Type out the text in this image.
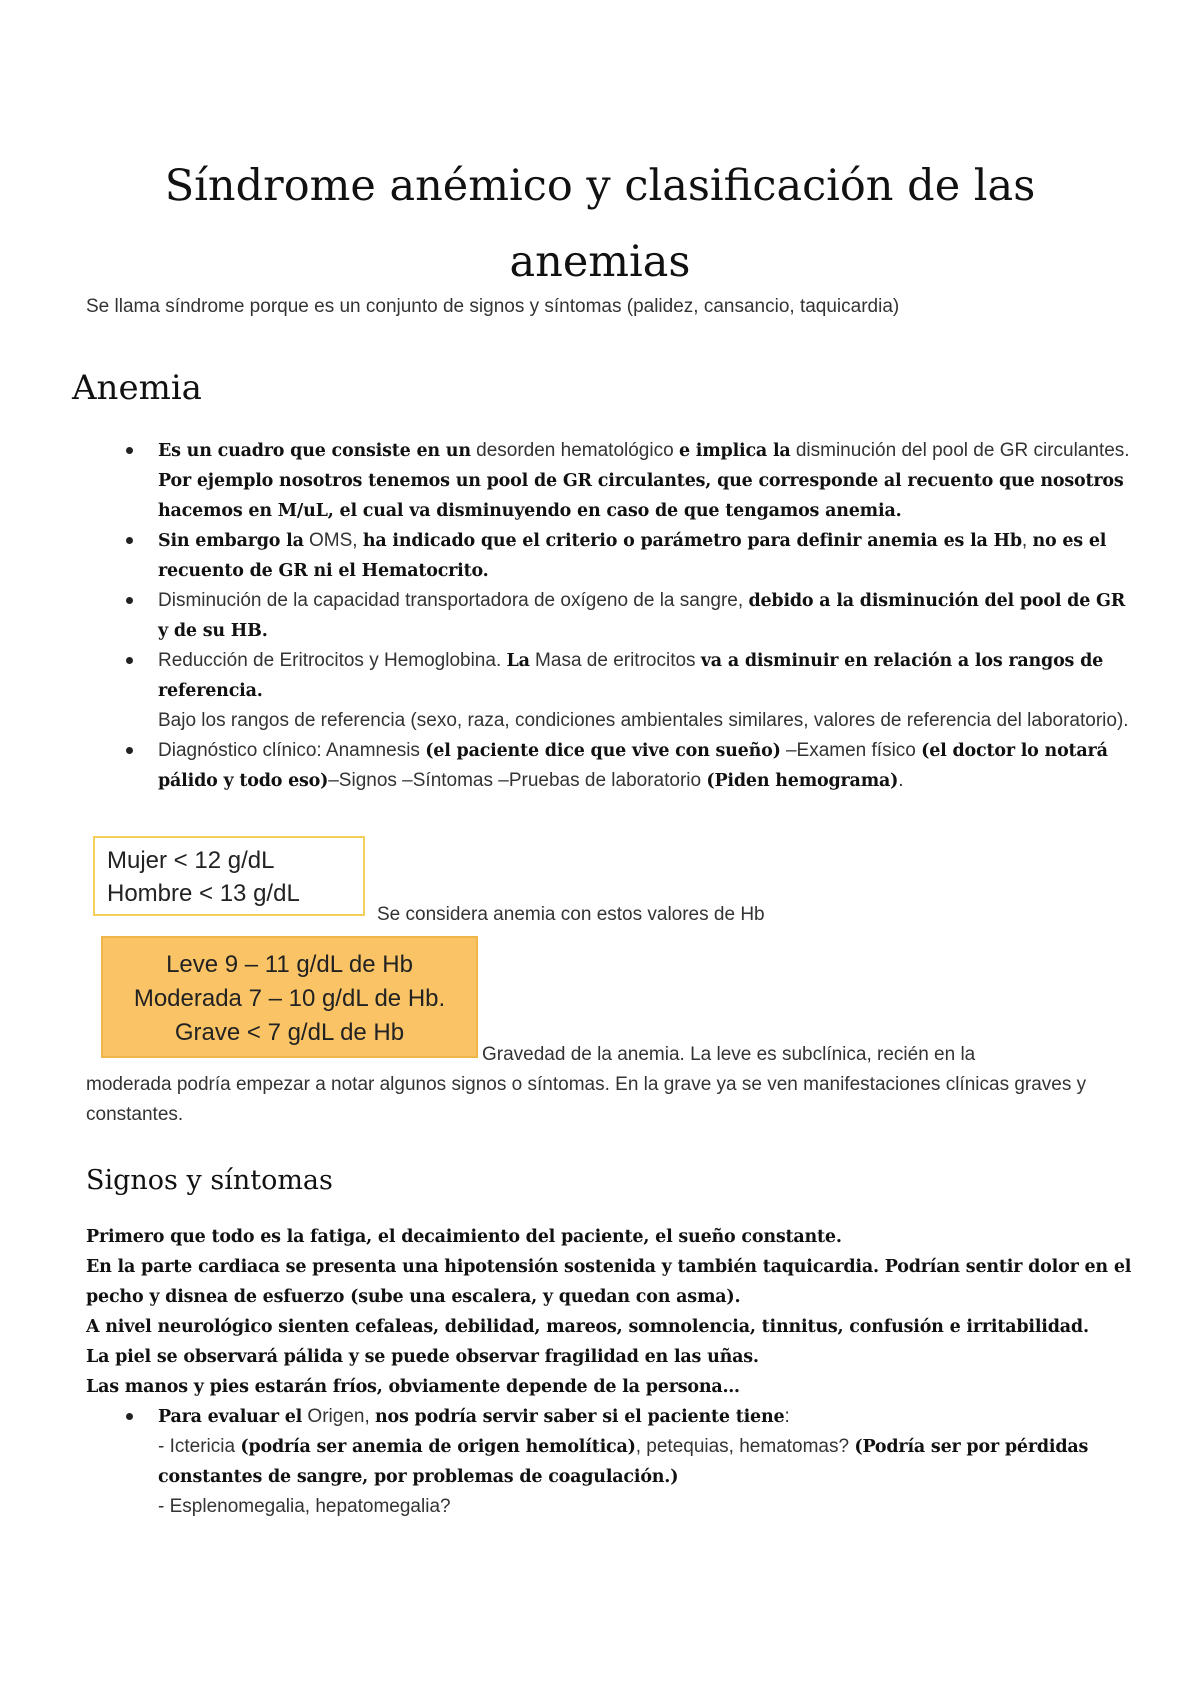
Síndrome anémico y clasificación de las
anemias
Se llama síndrome porque es un conjunto de signos y síntomas (palidez, cansancio, taquicardia)
Anemia
Es un cuadro que consiste en un desorden hematológico e implica la disminución del pool de GR circulantes. Por ejemplo nosotros tenemos un pool de GR circulantes, que corresponde al recuento que nosotros hacemos en M/uL, el cual va disminuyendo en caso de que tengamos anemia.
Sin embargo la OMS, ha indicado que el criterio o parámetro para definir anemia es la Hb, no es el recuento de GR ni el Hematocrito.
Disminución de la capacidad transportadora de oxígeno de la sangre, debido a la disminución del pool de GR y de su HB.
Reducción de Eritrocitos y Hemoglobina. La Masa de eritrocitos va a disminuir en relación a los rangos de referencia.
Bajo los rangos de referencia (sexo, raza, condiciones ambientales similares, valores de referencia del laboratorio).
Diagnóstico clínico: Anamnesis (el paciente dice que vive con sueño) –Examen físico (el doctor lo notará pálido y todo eso)–Signos –Síntomas –Pruebas de laboratorio (Piden hemograma).
Mujer < 12 g/dL
Hombre < 13 g/dL
Se considera anemia con estos valores de Hb
Leve 9 – 11 g/dL de Hb
Moderada 7 – 10 g/dL de Hb.
Grave < 7 g/dL de Hb
Gravedad de la anemia. La leve es subclínica, recién en la
moderada podría empezar a notar algunos signos o síntomas. En la grave ya se ven manifestaciones clínicas graves y constantes.
Signos y síntomas
Primero que todo es la fatiga, el decaimiento del paciente, el sueño constante.
En la parte cardiaca se presenta una hipotensión sostenida y también taquicardia. Podrían sentir dolor en el pecho y disnea de esfuerzo (sube una escalera, y quedan con asma).
A nivel neurológico sienten cefaleas, debilidad, mareos, somnolencia, tinnitus, confusión e irritabilidad.
La piel se observará pálida y se puede observar fragilidad en las uñas.
Las manos y pies estarán fríos, obviamente depende de la persona…
Para evaluar el Origen, nos podría servir saber si el paciente tiene:
- Ictericia (podría ser anemia de origen hemolítica), petequias, hematomas? (Podría ser por pérdidas constantes de sangre, por problemas de coagulación.)
- Esplenomegalia, hepatomegalia?
